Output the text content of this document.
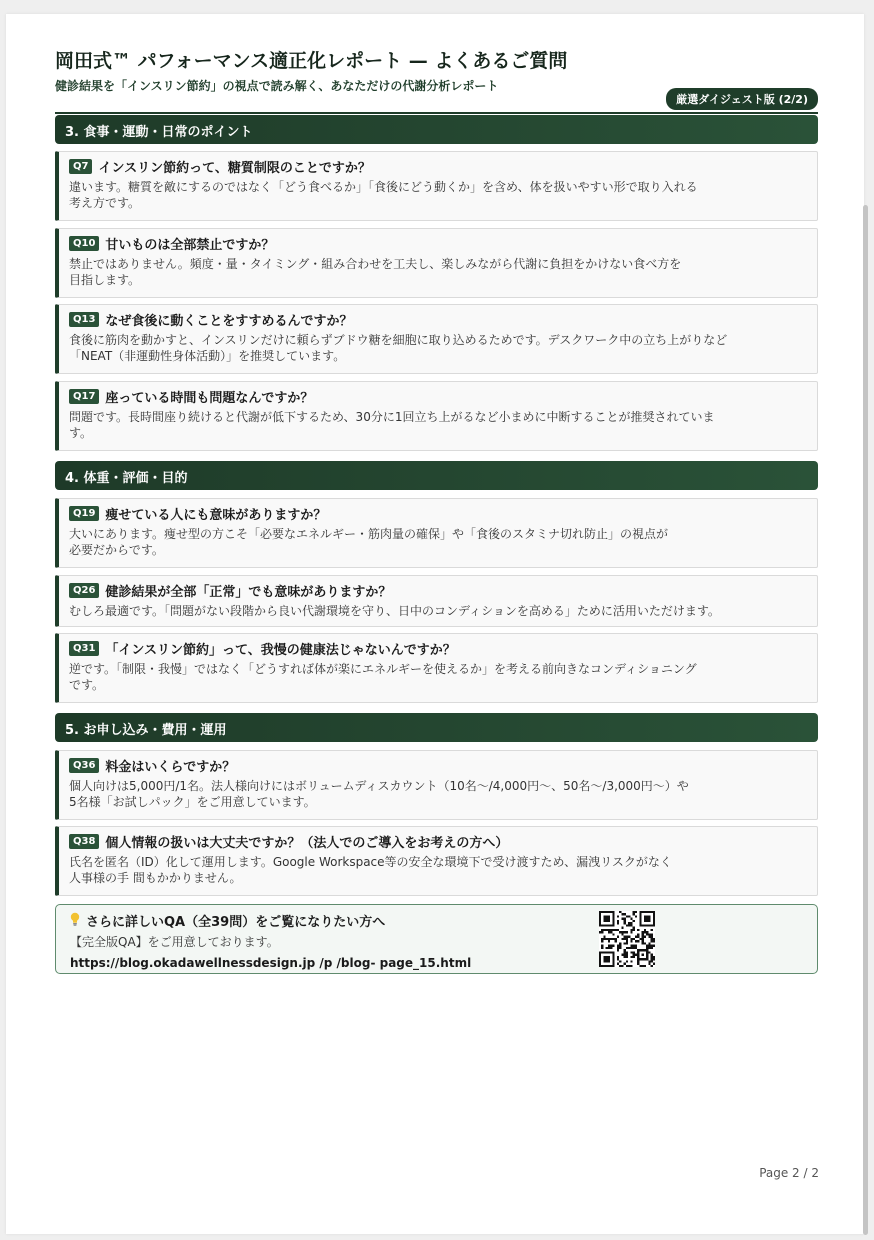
岡田式™ パフォーマンス適正化レポート — よくあるご質問
健診結果を「インスリン節約」の視点で読み解く、あなただけの代謝分析レポート
厳選ダイジェスト版 (2/2)
3. 食事・運動・日常のポイント
Q7 インスリン節約って、糖質制限のことですか？
違います。糖質を敵にするのではなく「どう食べるか」「食後にどう動くか」を含め、体を扱いやすい形で取り入れる
考え方です。
Q10 甘いものは全部禁止ですか？
禁止ではありません。頻度・量・タイミング・組み合わせを工夫し、楽しみながら代謝に負担をかけない食べ方を
目指します。
Q13 なぜ食後に動くことをすすめるんですか？
食後に筋肉を動かすと、インスリンだけに頼らずブドウ糖を細胞に取り込めるためです。デスクワーク中の立ち上がりなど
「NEAT（非運動性身体活動）」を推奨しています。
Q17 座っている時間も問題なんですか？
問題です。長時間座り続けると代謝が低下するため、30分に1回立ち上がるなど小まめに中断することが推奨されていま
す。
4. 体重・評価・目的
Q19 痩せている人にも意味がありますか？
大いにあります。痩せ型の方こそ「必要なエネルギー・筋肉量の確保」や「食後のスタミナ切れ防止」の視点が
必要だからです。
Q26 健診結果が全部「正常」でも意味がありますか？
むしろ最適です。「問題がない段階から良い代謝環境を守り、日中のコンディションを高める」ために活用いただけます。
Q31 「インスリン節約」って、我慢の健康法じゃないんですか？
逆です。「制限・我慢」ではなく「どうすれば体が楽にエネルギーを使えるか」を考える前向きなコンディショニング
です。
5. お申し込み・費用・運用
Q36 料金はいくらですか？
個人向けは5,000円/1名。法人様向けにはボリュームディスカウント（10名～/4,000円～、50名～/3,000円～）や
5名様「お試しパック」をご用意しています。
Q38 個人情報の扱いは大丈夫ですか？（法人でのご導入をお考えの方へ）
氏名を匿名（ID）化して運用します。Google Workspace等の安全な環境下で受け渡すため、漏洩リスクがなく
人事様の手 間もかかりません。
さらに詳しいQA（全39問）をご覧になりたい方へ
【完全版QA】をご用意しております。
https://blog.okadawellnessdesign.jp /p /blog- page_15.html
Page 2 / 2
